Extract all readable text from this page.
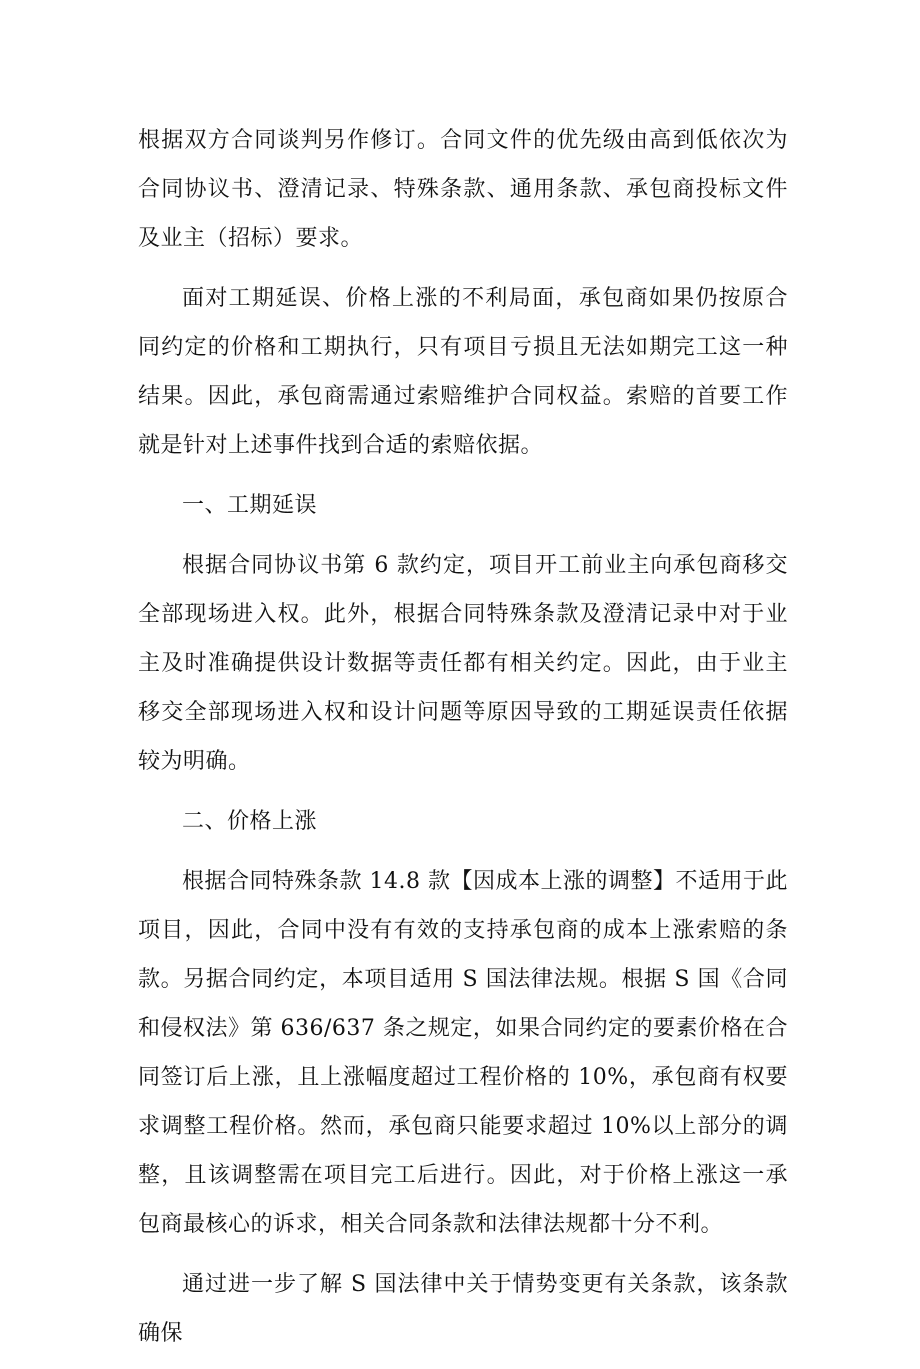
根据双方合同谈判另作修订。合同文件的优先级由高到低依次为合同协议书、澄清记录、特殊条款、通用条款、承包商投标文件及业主（招标）要求。

面对工期延误、价格上涨的不利局面，承包商如果仍按原合同约定的价格和工期执行，只有项目亏损且无法如期完工这一种结果。因此，承包商需通过索赔维护合同权益。索赔的首要工作就是针对上述事件找到合适的索赔依据。

一、工期延误

根据合同协议书第 6 款约定，项目开工前业主向承包商移交全部现场进入权。此外，根据合同特殊条款及澄清记录中对于业主及时准确提供设计数据等责任都有相关约定。因此，由于业主移交全部现场进入权和设计问题等原因导致的工期延误责任依据较为明确。

二、价格上涨

根据合同特殊条款 14.8 款【因成本上涨的调整】不适用于此项目，因此，合同中没有有效的支持承包商的成本上涨索赔的条款。另据合同约定，本项目适用 S 国法律法规。根据 S 国《合同和侵权法》第 636/637 条之规定，如果合同约定的要素价格在合同签订后上涨，且上涨幅度超过工程价格的 10%，承包商有权要求调整工程价格。然而，承包商只能要求超过 10%以上部分的调整，且该调整需在项目完工后进行。因此，对于价格上涨这一承包商最核心的诉求，相关合同条款和法律法规都十分不利。

通过进一步了解 S 国法律中关于情势变更有关条款，该条款确保
